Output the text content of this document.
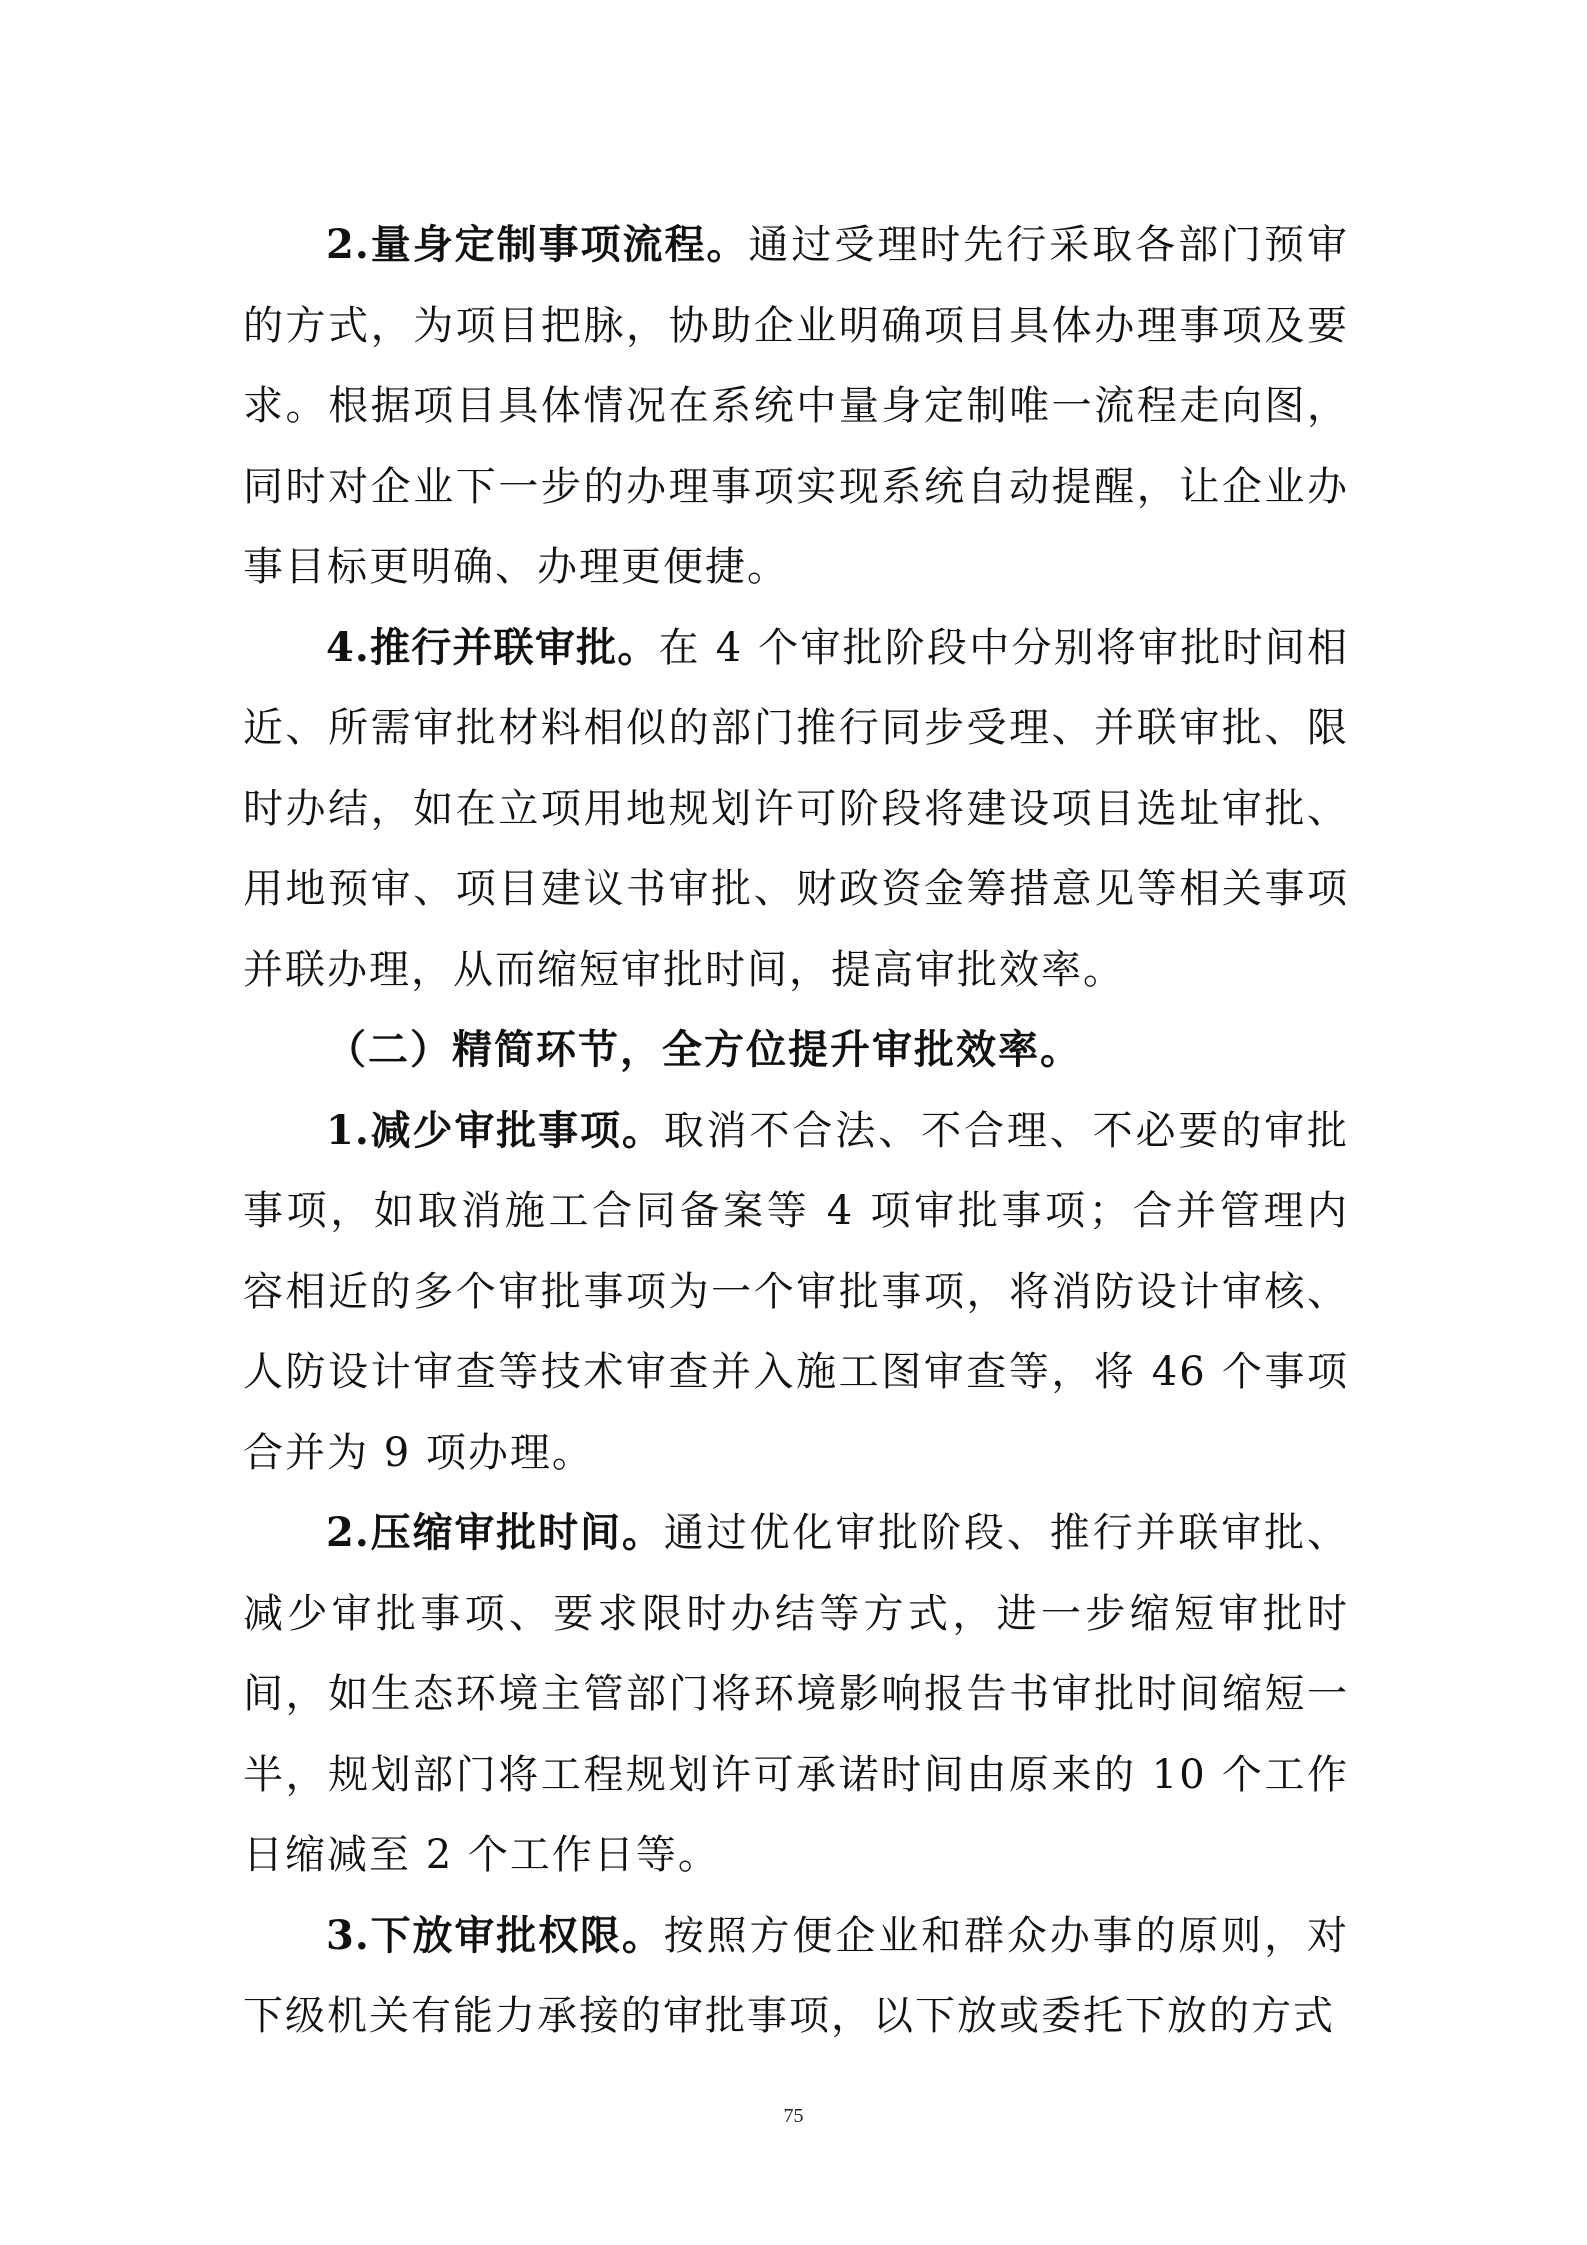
2.量身定制事项流程。通过受理时先行采取各部门预审的方式，为项目把脉，协助企业明确项目具体办理事项及要求。根据项目具体情况在系统中量身定制唯一流程走向图，同时对企业下一步的办理事项实现系统自动提醒，让企业办事目标更明确、办理更便捷。

4.推行并联审批。在 4 个审批阶段中分别将审批时间相近、所需审批材料相似的部门推行同步受理、并联审批、限时办结，如在立项用地规划许可阶段将建设项目选址审批、用地预审、项目建议书审批、财政资金筹措意见等相关事项并联办理，从而缩短审批时间，提高审批效率。

（二）精简环节，全方位提升审批效率。

1.减少审批事项。取消不合法、不合理、不必要的审批事项，如取消施工合同备案等 4 项审批事项；合并管理内容相近的多个审批事项为一个审批事项，将消防设计审核、人防设计审查等技术审查并入施工图审查等，将 46 个事项合并为 9 项办理。

2.压缩审批时间。通过优化审批阶段、推行并联审批、减少审批事项、要求限时办结等方式，进一步缩短审批时间，如生态环境主管部门将环境影响报告书审批时间缩短一半，规划部门将工程规划许可承诺时间由原来的 10 个工作日缩减至 2 个工作日等。

3.下放审批权限。按照方便企业和群众办事的原则，对下级机关有能力承接的审批事项，以下放或委托下放的方式

75
